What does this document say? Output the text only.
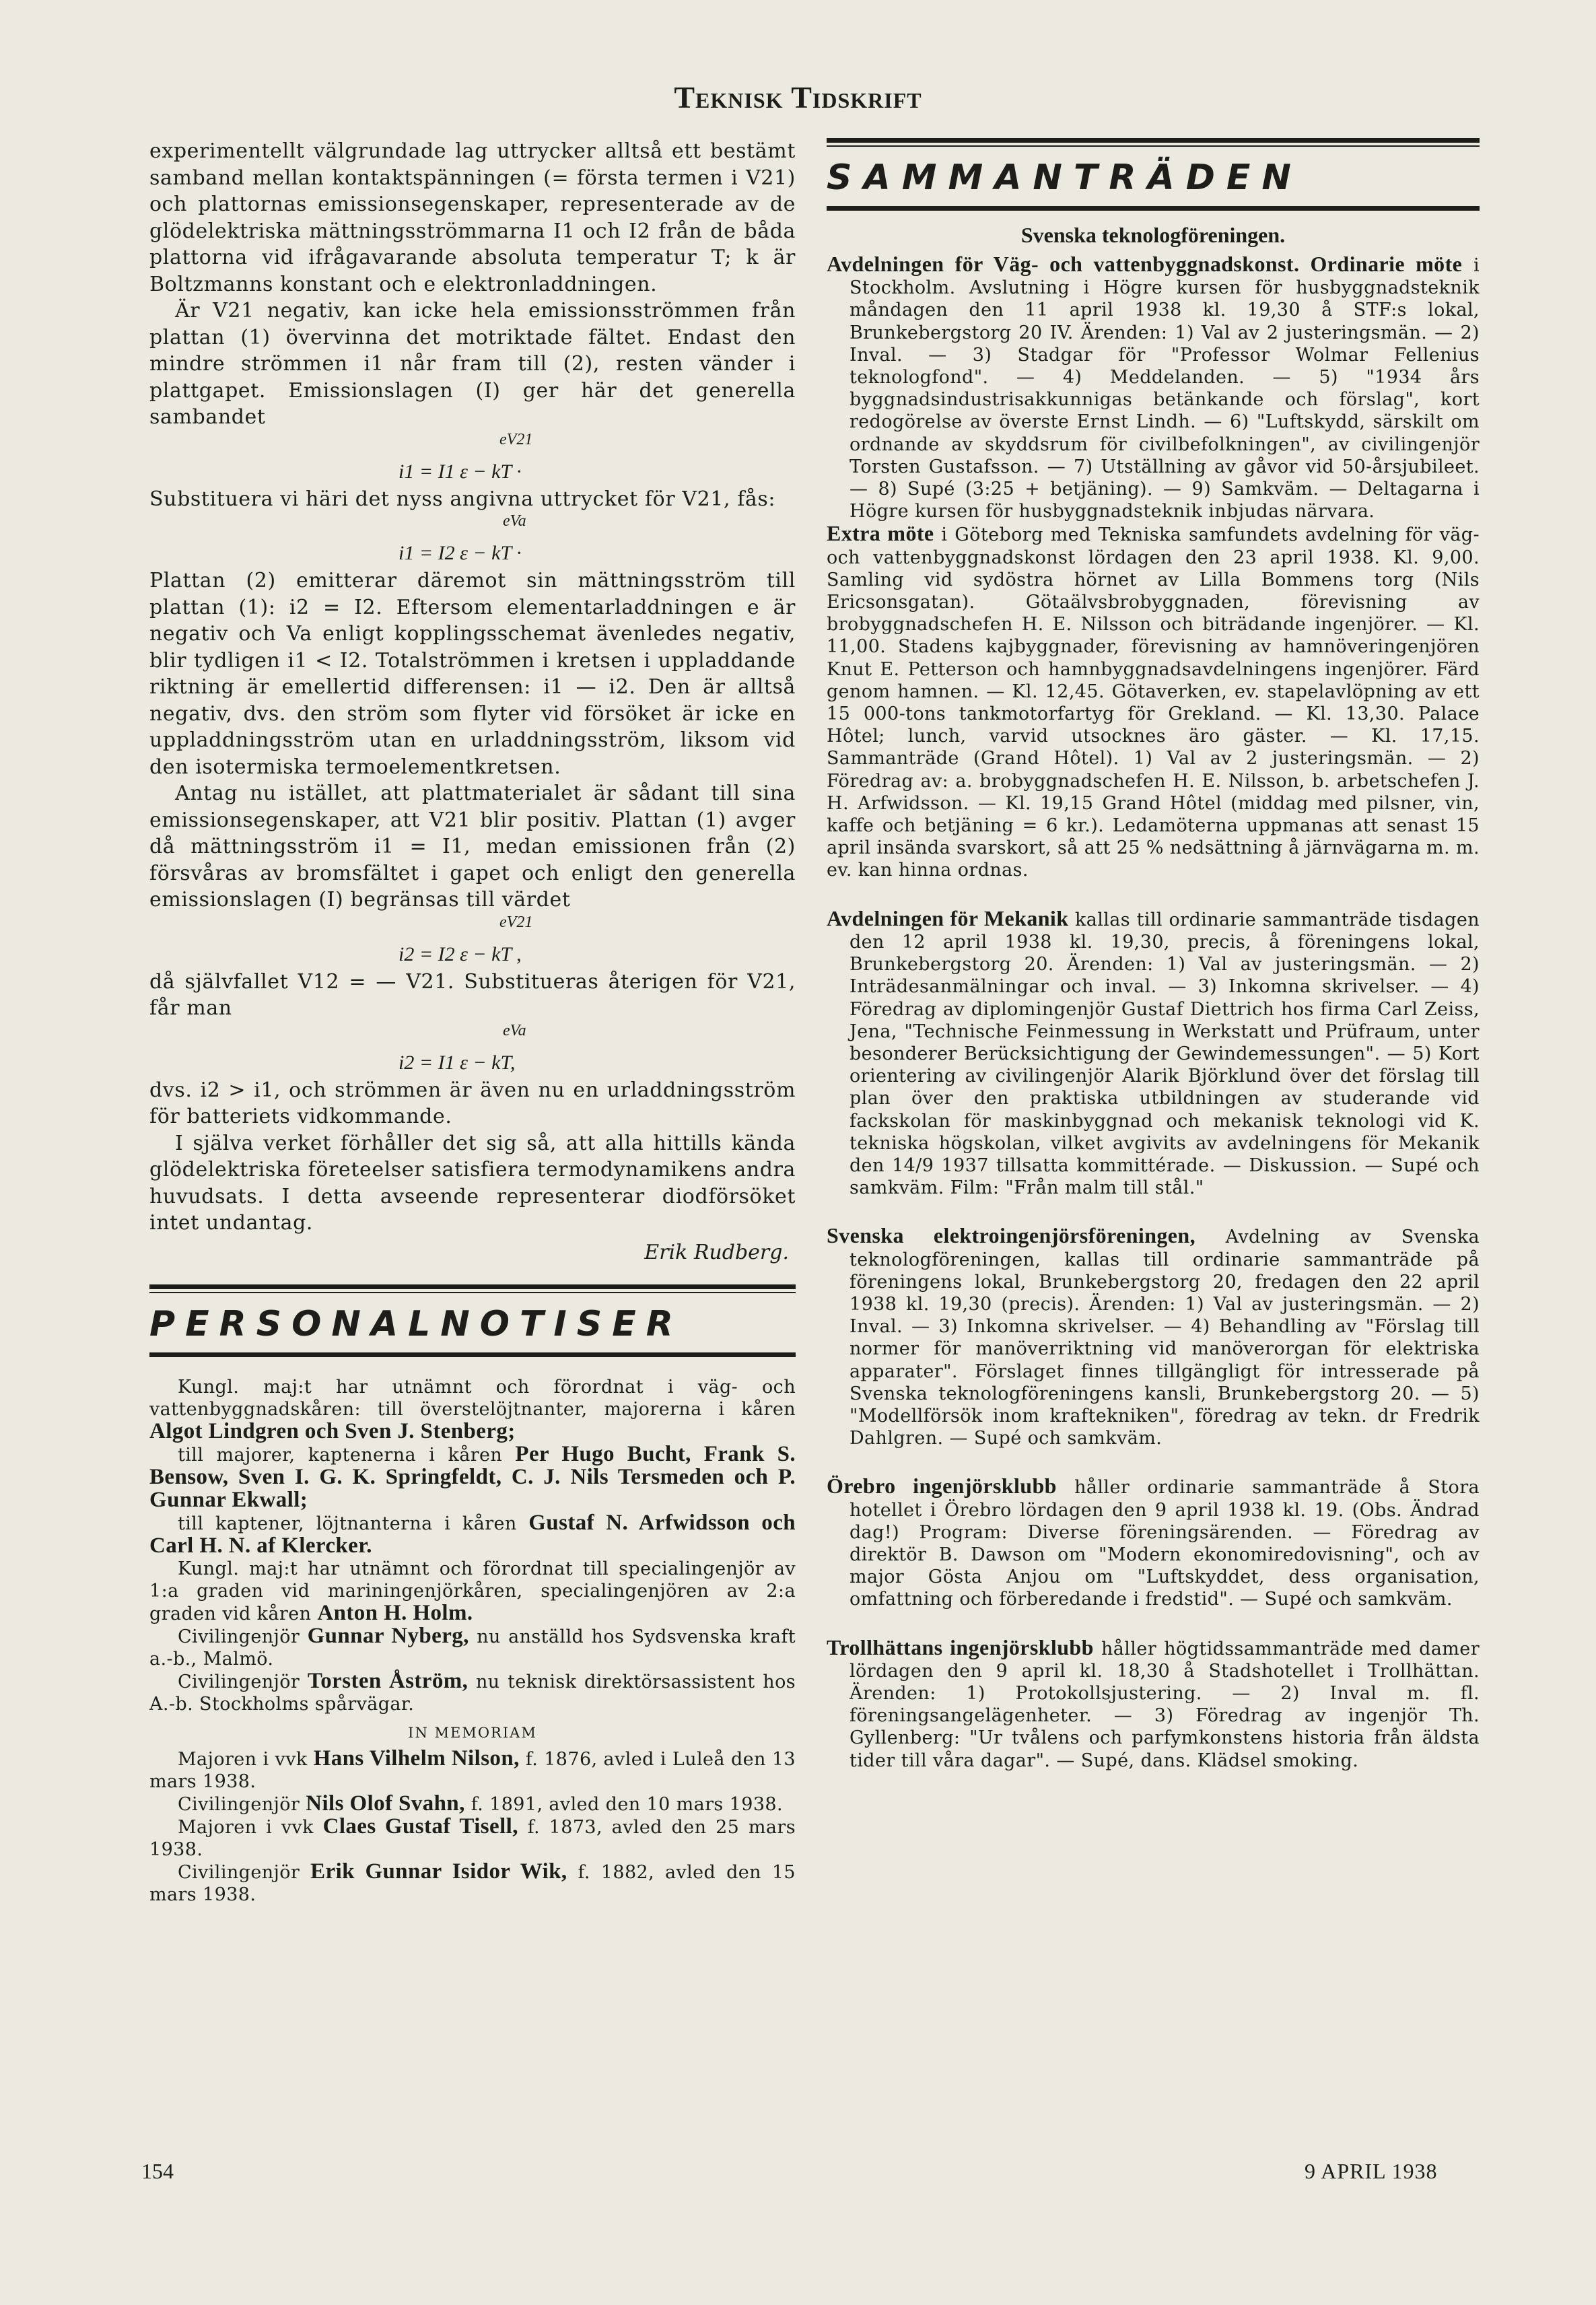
Teknisk Tidskrift

experimentellt välgrundade lag uttrycker alltså ett bestämt samband mellan kontaktspänningen (= första termen i V21) och plattornas emissionsegenskaper, representerade av de glödelektriska mättningsströmmarna I1 och I2 från de båda plattorna vid ifrågavarande absoluta temperatur T; k är Boltzmanns konstant och e elektronladdningen.

Är V21 negativ, kan icke hela emissionsströmmen från plattan (1) övervinna det motriktade fältet. Endast den mindre strömmen i1 når fram till (2), resten vänder i plattgapet. Emissionslagen (I) ger här det generella sambandet

eV21
i1 = I1 ε − kT ·

Substituera vi häri det nyss angivna uttrycket för V21, fås:

eVa
i1 = I2 ε − kT ·

Plattan (2) emitterar däremot sin mättningsström till plattan (1): i2 = I2. Eftersom elementarladdningen e är negativ och Va enligt kopplingsschemat ävenledes negativ, blir tydligen i1 < I2. Totalströmmen i kretsen i uppladdande riktning är emellertid differensen: i1 — i2. Den är alltså negativ, dvs. den ström som flyter vid försöket är icke en uppladdningsström utan en urladdningsström, liksom vid den isotermiska termoelementkretsen.

Antag nu istället, att plattmaterialet är sådant till sina emissionsegenskaper, att V21 blir positiv. Plattan (1) avger då mättningsström i1 = I1, medan emissionen från (2) försvåras av bromsfältet i gapet och enligt den generella emissionslagen (I) begränsas till värdet

eV21
i2 = I2 ε − kT ,

då självfallet V12 = — V21. Substitueras återigen för V21, får man

eVa
i2 = I1 ε − kT,

dvs. i2 > i1, och strömmen är även nu en urladdningsström för batteriets vidkommande.

I själva verket förhåller det sig så, att alla hittills kända glödelektriska företeelser satisfiera termodynamikens andra huvudsats. I detta avseende representerar diodförsöket intet undantag.

Erik Rudberg.

PERSONALNOTISER

Kungl. maj:t har utnämnt och förordnat i väg- och vattenbyggnadskåren: till överstelöjtnanter, majorerna i kåren Algot Lindgren och Sven J. Stenberg;

till majorer, kaptenerna i kåren Per Hugo Bucht, Frank S. Bensow, Sven I. G. K. Springfeldt, C. J. Nils Tersmeden och P. Gunnar Ekwall;

till kaptener, löjtnanterna i kåren Gustaf N. Arfwidsson och Carl H. N. af Klercker.

Kungl. maj:t har utnämnt och förordnat till specialingenjör av 1:a graden vid mariningenjörkåren, specialingenjören av 2:a graden vid kåren Anton H. Holm.

Civilingenjör Gunnar Nyberg, nu anställd hos Sydsvenska kraft a.-b., Malmö.

Civilingenjör Torsten Åström, nu teknisk direktörsassistent hos A.-b. Stockholms spårvägar.

IN MEMORIAM

Majoren i vvk Hans Vilhelm Nilson, f. 1876, avled i Luleå den 13 mars 1938.

Civilingenjör Nils Olof Svahn, f. 1891, avled den 10 mars 1938.

Majoren i vvk Claes Gustaf Tisell, f. 1873, avled den 25 mars 1938.

Civilingenjör Erik Gunnar Isidor Wik, f. 1882, avled den 15 mars 1938.

SAMMANTRÄDEN
Svenska teknologföreningen.
Avdelningen för Väg- och vattenbyggnadskonst. Ordinarie möte i Stockholm. Avslutning i Högre kursen för husbyggnadsteknik måndagen den 11 april 1938 kl. 19,30 å STF:s lokal, Brunkebergstorg 20 IV. Ärenden: 1) Val av 2 justeringsmän. — 2) Inval. — 3) Stadgar för "Professor Wolmar Fellenius teknologfond". — 4) Meddelanden. — 5) "1934 års byggnadsindustrisakkunnigas betänkande och förslag", kort redogörelse av överste Ernst Lindh. — 6) "Luftskydd, särskilt om ordnande av skyddsrum för civilbefolkningen", av civilingenjör Torsten Gustafsson. — 7) Utställning av gåvor vid 50-årsjubileet. — 8) Supé (3:25 + betjäning). — 9) Samkväm. — Deltagarna i Högre kursen för husbyggnadsteknik inbjudas närvara.
Extra möte i Göteborg med Tekniska samfundets avdelning för väg- och vattenbyggnadskonst lördagen den 23 april 1938. Kl. 9,00. Samling vid sydöstra hörnet av Lilla Bommens torg (Nils Ericsonsgatan). Götaälvsbrobyggnaden, förevisning av brobyggnadschefen H. E. Nilsson och biträdande ingenjörer. — Kl. 11,00. Stadens kajbyggnader, förevisning av hamnöveringenjören Knut E. Petterson och hamnbyggnadsavdelningens ingenjörer. Färd genom hamnen. — Kl. 12,45. Götaverken, ev. stapelavlöpning av ett 15 000-tons tankmotorfartyg för Grekland. — Kl. 13,30. Palace Hôtel; lunch, varvid utsocknes äro gäster. — Kl. 17,15. Sammanträde (Grand Hôtel). 1) Val av 2 justeringsmän. — 2) Föredrag av: a. brobyggnadschefen H. E. Nilsson, b. arbetschefen J. H. Arfwidsson. — Kl. 19,15 Grand Hôtel (middag med pilsner, vin, kaffe och betjäning = 6 kr.). Ledamöterna uppmanas att senast 15 april insända svarskort, så att 25 % nedsättning å järnvägarna m. m. ev. kan hinna ordnas.
Avdelningen för Mekanik kallas till ordinarie sammanträde tisdagen den 12 april 1938 kl. 19,30, precis, å föreningens lokal, Brunkebergstorg 20. Ärenden: 1) Val av justeringsmän. — 2) Inträdesanmälningar och inval. — 3) Inkomna skrivelser. — 4) Föredrag av diplomingenjör Gustaf Diettrich hos firma Carl Zeiss, Jena, "Technische Feinmessung in Werkstatt und Prüfraum, unter besonderer Berücksichtigung der Gewindemessungen". — 5) Kort orientering av civilingenjör Alarik Björklund över det förslag till plan över den praktiska utbildningen av studerande vid fackskolan för maskinbyggnad och mekanisk teknologi vid K. tekniska högskolan, vilket avgivits av avdelningens för Mekanik den 14/9 1937 tillsatta kommittérade. — Diskussion. — Supé och samkväm. Film: "Från malm till stål."
Svenska elektroingenjörsföreningen, Avdelning av Svenska teknologföreningen, kallas till ordinarie sammanträde på föreningens lokal, Brunkebergstorg 20, fredagen den 22 april 1938 kl. 19,30 (precis). Ärenden: 1) Val av justeringsmän. — 2) Inval. — 3) Inkomna skrivelser. — 4) Behandling av "Förslag till normer för manöverriktning vid manöverorgan för elektriska apparater". Förslaget finnes tillgängligt för intresserade på Svenska teknologföreningens kansli, Brunkebergstorg 20. — 5) "Modellförsök inom kraftekniken", föredrag av tekn. dr Fredrik Dahlgren. — Supé och samkväm.
Örebro ingenjörsklubb håller ordinarie sammanträde å Stora hotellet i Örebro lördagen den 9 april 1938 kl. 19. (Obs. Ändrad dag!) Program: Diverse föreningsärenden. — Föredrag av direktör B. Dawson om "Modern ekonomiredovisning", och av major Gösta Anjou om "Luftskyddet, dess organisation, omfattning och förberedande i fredstid". — Supé och samkväm.
Trollhättans ingenjörsklubb håller högtidssammanträde med damer lördagen den 9 april kl. 18,30 å Stadshotellet i Trollhättan. Ärenden: 1) Protokollsjustering. — 2) Inval m. fl. föreningsangelägenheter. — 3) Föredrag av ingenjör Th. Gyllenberg: "Ur tvålens och parfymkonstens historia från äldsta tider till våra dagar". — Supé, dans. Klädsel smoking.
154	9 APRIL 1938
